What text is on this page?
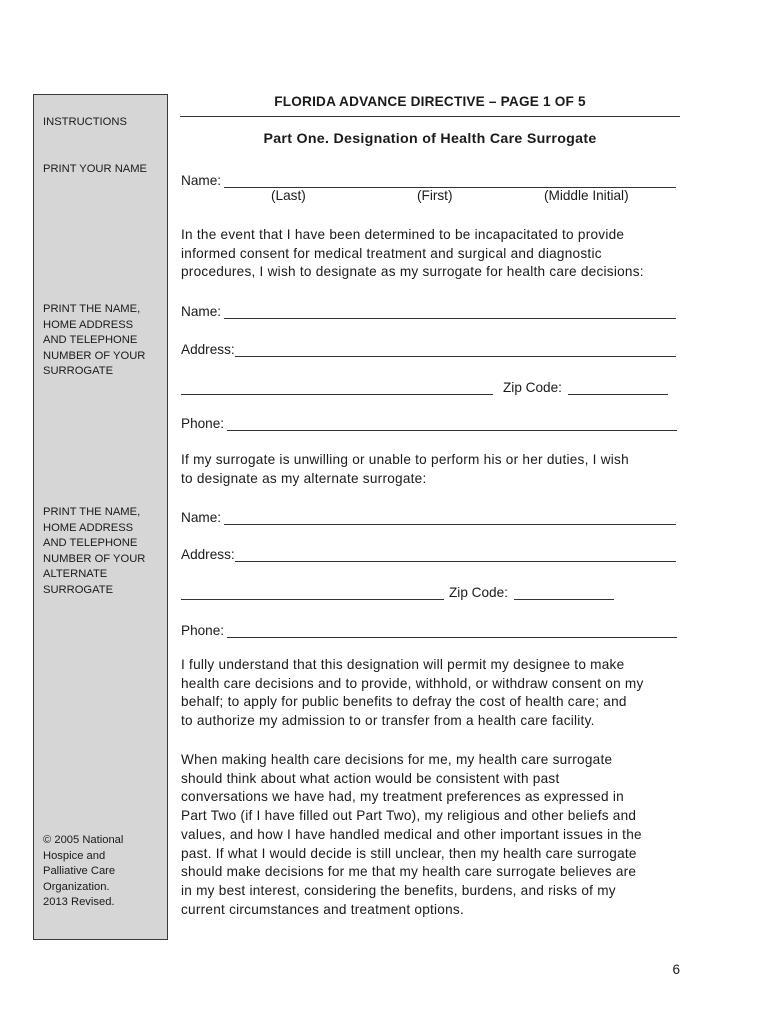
INSTRUCTIONS

PRINT YOUR NAME

PRINT THE NAME,
HOME ADDRESS
AND TELEPHONE
NUMBER OF YOUR
SURROGATE

PRINT THE NAME,
HOME ADDRESS
AND TELEPHONE
NUMBER OF YOUR
ALTERNATE
SURROGATE

© 2005 National
Hospice and
Palliative Care
Organization.
2013 Revised.

FLORIDA ADVANCE DIRECTIVE – PAGE 1 OF 5
Part One. Designation of Health Care Surrogate
Name:
(Last)	(First)	(Middle Initial)

In the event that I have been determined to be incapacitated to provide
informed consent for medical treatment and surgical and diagnostic
procedures, I wish to designate as my surrogate for health care decisions:

Name:
Address:
Zip Code:
Phone:

If my surrogate is unwilling or unable to perform his or her duties, I wish
to designate as my alternate surrogate:

Name:
Address:
Zip Code:
Phone:

I fully understand that this designation will permit my designee to make
health care decisions and to provide, withhold, or withdraw consent on my
behalf; to apply for public benefits to defray the cost of health care; and
to authorize my admission to or transfer from a health care facility.

When making health care decisions for me, my health care surrogate
should think about what action would be consistent with past
conversations we have had, my treatment preferences as expressed in
Part Two (if I have filled out Part Two), my religious and other beliefs and
values, and how I have handled medical and other important issues in the
past. If what I would decide is still unclear, then my health care surrogate
should make decisions for me that my health care surrogate believes are
in my best interest, considering the benefits, burdens, and risks of my
current circumstances and treatment options.

6
